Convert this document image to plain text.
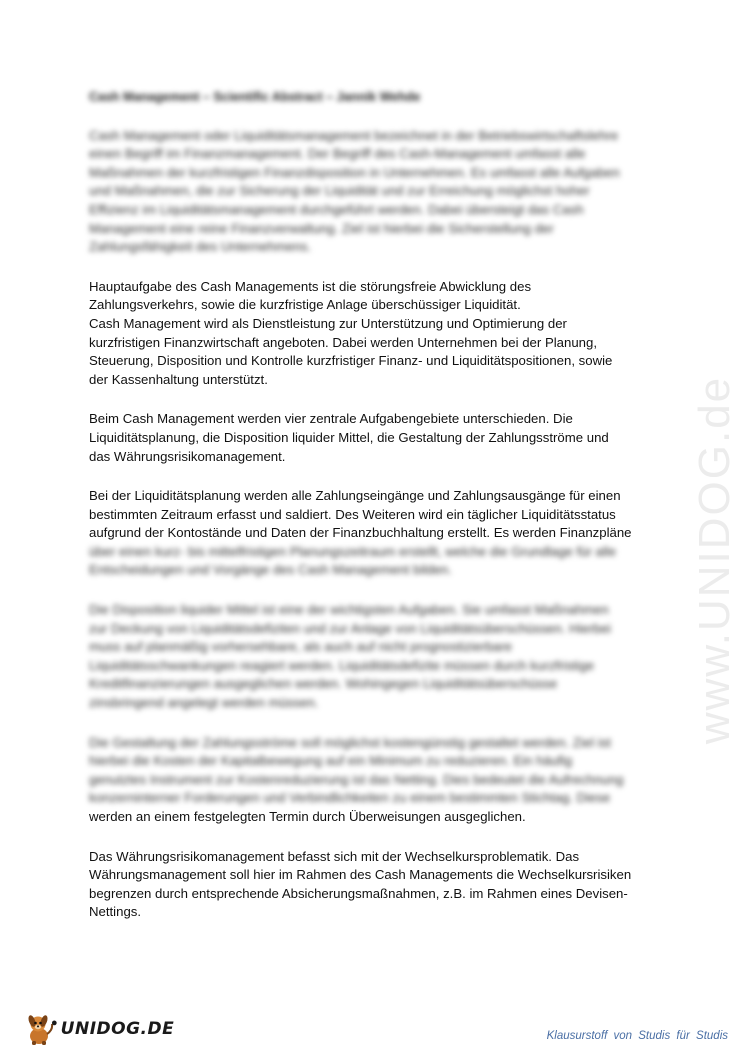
www.UNIDOG.de
Cash Management – Scientific Abstract – Jannik Wehde
Cash Management oder Liquiditätsmanagement bezeichnet in der Betriebswirtschaftslehre
einen Begriff im Finanzmanagement. Der Begriff des Cash-Management umfasst alle
Maßnahmen der kurzfristigen Finanzdisposition in Unternehmen. Es umfasst alle Aufgaben
und Maßnahmen, die zur Sicherung der Liquidität und zur Erreichung möglichst hoher
Effizienz im Liquiditätsmanagement durchgeführt werden. Dabei übersteigt das Cash
Management eine reine Finanzverwaltung. Ziel ist hierbei die Sicherstellung der
Zahlungsfähigkeit des Unternehmens.
Hauptaufgabe des Cash Managements ist die störungsfreie Abwicklung des
Zahlungsverkehrs, sowie die kurzfristige Anlage überschüssiger Liquidität.
Cash Management wird als Dienstleistung zur Unterstützung und Optimierung der
kurzfristigen Finanzwirtschaft angeboten. Dabei werden Unternehmen bei der Planung,
Steuerung, Disposition und Kontrolle kurzfristiger Finanz- und Liquiditätspositionen, sowie
der Kassenhaltung unterstützt.
Beim Cash Management werden vier zentrale Aufgabengebiete unterschieden. Die
Liquiditätsplanung, die Disposition liquider Mittel, die Gestaltung der Zahlungsströme und
das Währungsrisikomanagement.
Bei der Liquiditätsplanung werden alle Zahlungseingänge und Zahlungsausgänge für einen
bestimmten Zeitraum erfasst und saldiert. Des Weiteren wird ein täglicher Liquiditätsstatus
aufgrund der Kontostände und Daten der Finanzbuchhaltung erstellt. Es werden Finanzpläne
über einen kurz- bis mittelfristigen Planungszeitraum erstellt, welche die Grundlage für alle
Entscheidungen und Vorgänge des Cash Management bilden.
Die Disposition liquider Mittel ist eine der wichtigsten Aufgaben. Sie umfasst Maßnahmen
zur Deckung von Liquiditätsdefiziten und zur Anlage von Liquiditätsüberschüssen. Hierbei
muss auf planmäßig vorhersehbare, als auch auf nicht prognostizierbare
Liquiditätsschwankungen reagiert werden. Liquiditätsdefizite müssen durch kurzfristige
Kreditfinanzierungen ausgeglichen werden. Wohingegen Liquiditätsüberschüsse
zinsbringend angelegt werden müssen.
Die Gestaltung der Zahlungsströme soll möglichst kostengünstig gestaltet werden. Ziel ist
hierbei die Kosten der Kapitalbewegung auf ein Minimum zu reduzieren. Ein häufig
genutztes Instrument zur Kostenreduzierung ist das Netting. Dies bedeutet die Aufrechnung
konzerninterner Forderungen und Verbindlichkeiten zu einem bestimmten Stichtag. Diese
werden an einem festgelegten Termin durch Überweisungen ausgeglichen.
Das Währungsrisikomanagement befasst sich mit der Wechselkursproblematik. Das
Währungsmanagement soll hier im Rahmen des Cash Managements die Wechselkursrisiken
begrenzen durch entsprechende Absicherungsmaßnahmen, z.B. im Rahmen eines Devisen-
Nettings.
● UNIDOG.DE	Klausurstoff von Studis für Studis
